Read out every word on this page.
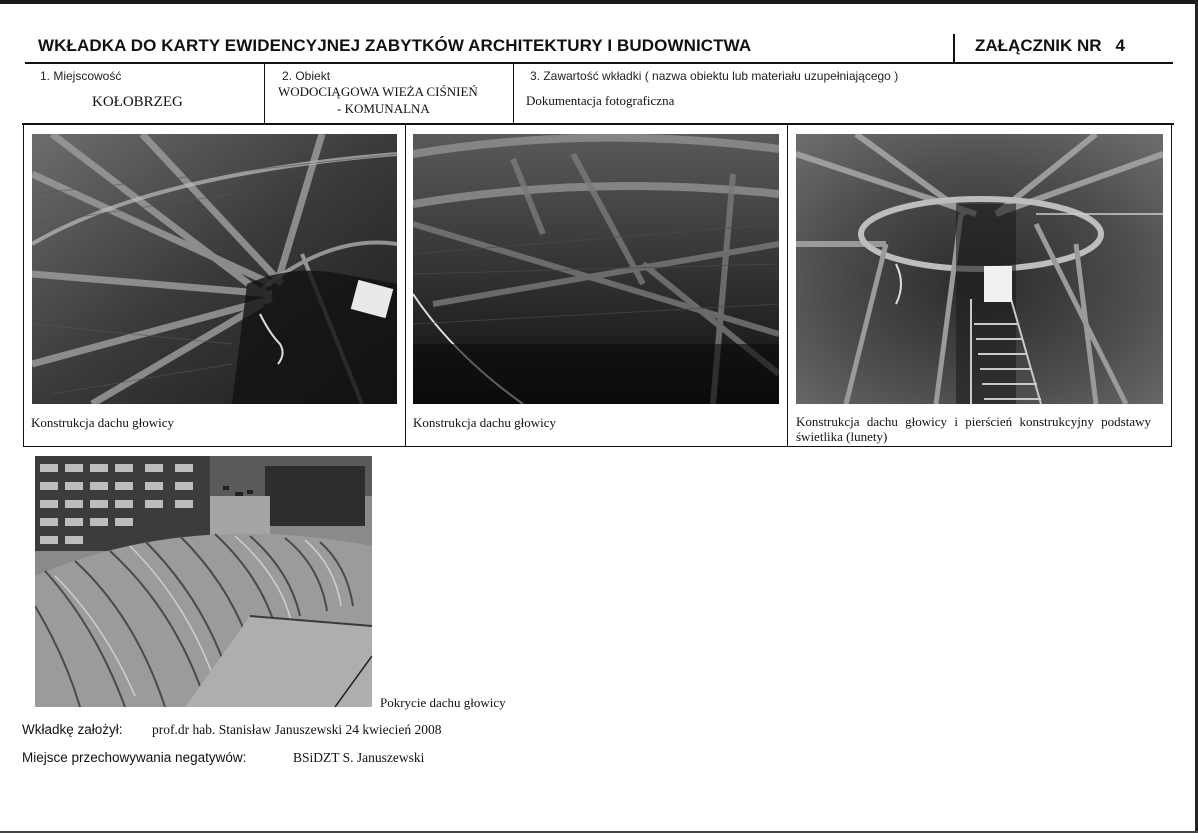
WKŁADKA DO KARTY EWIDENCYJNEJ ZABYTKÓW ARCHITEKTURY I BUDOWNICTWA	ZAŁĄCZNIK NR 4
1. Miejscowość
KOŁOBRZEG
2. Obiekt
WODOCIĄGOWA WIEŻA CIŚNIEŃ
- KOMUNALNA
3. Zawartość wkładki ( nazwa obiektu lub materiału uzupełniającego )
Dokumentacja fotograficzna
Konstrukcja dachu głowicy	Konstrukcja dachu głowicy	Konstrukcja dachu głowicy i pierścień konstrukcyjny podstawy świetlika (lunety)
Pokrycie dachu głowicy
Wkładkę założył: prof.dr hab. Stanisław Januszewski 24 kwiecień 2008
Miejsce przechowywania negatywów:	BSiDZT S. Januszewski
